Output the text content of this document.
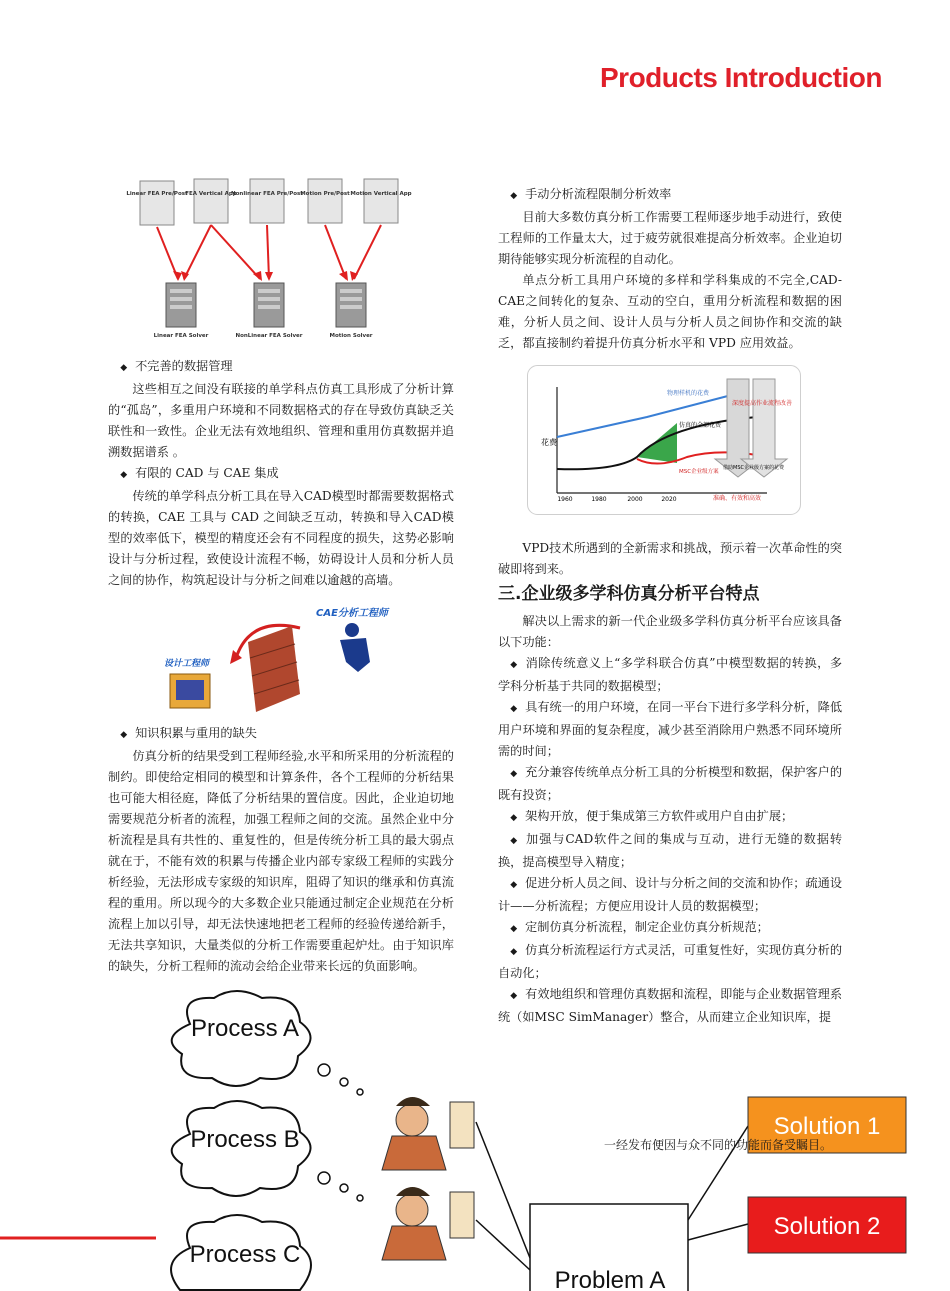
Products Introduction
Linear FEA Pre/Post
FEA Vertical App
Nonlinear FEA Pre/Post
Motion Pre/Post Motion Vertical App
Linear FEA Solver	NonLinear FEA Solver	Motion Solver
◆ 不完善的数据管理

这些相互之间没有联接的单学科点仿真工具形成了分析计算的“孤岛”，多重用户环境和不同数据格式的存在导致仿真缺乏关联性和一致性。企业无法有效地组织、管理和重用仿真数据并追溯数据谱系 。

◆ 有限的 CAD 与 CAE 集成

传统的单学科点分析工具在导入CAD模型时都需要数据格式的转换，CAE 工具与 CAD 之间缺乏互动，转换和导入CAD模型的效率低下，模型的精度还会有不同程度的损失，这势必影响设计与分析过程，致使设计流程不畅，妨碍设计人员和分析人员之间的协作，构筑起设计与分析之间难以逾越的高墙。

CAE分析工程师
设计工程师
◆ 知识积累与重用的缺失

仿真分析的结果受到工程师经验,水平和所采用的分析流程的制约。即使给定相同的模型和计算条件，各个工程师的分析结果也可能大相径庭，降低了分析结果的置信度。因此，企业迫切地需要规范分析者的流程，加强工程师之间的交流。虽然企业中分析流程是具有共性的、重复性的，但是传统分析工具的最大弱点就在于，不能有效的积累与传播企业内部专家级工程师的实践分析经验，无法形成专家级的知识库，阻碍了知识的继承和仿真流程的重用。所以现今的大多数企业只能通过制定企业规范在分析流程上加以引导，却无法快速地把老工程师的经验传递给新手，无法共享知识，大量类似的分析工作需要重起炉灶。由于知识库的缺失，分析工程师的流动会给企业带来长远的负面影响。

◆ 手动分析流程限制分析效率

目前大多数仿真分析工作需要工程师逐步地手动进行，致使工程师的工作量太大，过于疲劳就很难提高分析效率。企业迫切期待能够实现分析流程的自动化。

单点分析工具用户环境的多样和学科集成的不完全,CAD-CAE之间转化的复杂、互动的空白，重用分析流程和数据的困难，分析人员之间、设计人员与分析人员之间协作和交流的缺乏，都直接制约着提升仿真分析水平和 VPD 应用效益。

花费
物理样机的花费
仿真的全部花费
MSC企业级方案
深度提高 作业流程改善
借助MSC企业级方案的花费
准确、有效和高效
1960	1980	2000	2020

VPD技术所遇到的全新需求和挑战，预示着一次革命性的突破即将到来。

三.企业级多学科仿真分析平台特点

解决以上需求的新一代企业级多学科仿真分析平台应该具备以下功能：

◆ 消除传统意义上“多学科联合仿真”中模型数据的转换，多学科分析基于共同的数据模型；
◆ 具有统一的用户环境，在同一平台下进行多学科分析，降低用户环境和界面的复杂程度，减少甚至消除用户熟悉不同环境所需的时间；
◆ 充分兼容传统单点分析工具的分析模型和数据，保护客户的既有投资；
◆ 架构开放，便于集成第三方软件或用户自由扩展；
◆ 加强与CAD软件之间的集成与互动，进行无缝的数据转换，提高模型导入精度；
◆ 促进分析人员之间、设计与分析之间的交流和协作；疏通设计——分析流程；方便应用设计人员的数据模型；
◆ 定制仿真分析流程，制定企业仿真分析规范；
◆ 仿真分析流程运行方式灵活，可重复性好，实现仿真分析的自动化；
◆ 有效地组织和管理仿真数据和流程，即能与企业数据管理系统（如MSC SimManager）整合，从而建立企业知识库，提
Process A
Process B
Process C
Problem A
Solution 1
Solution 2
一经发布便因与众不同的功能而备受瞩目。
